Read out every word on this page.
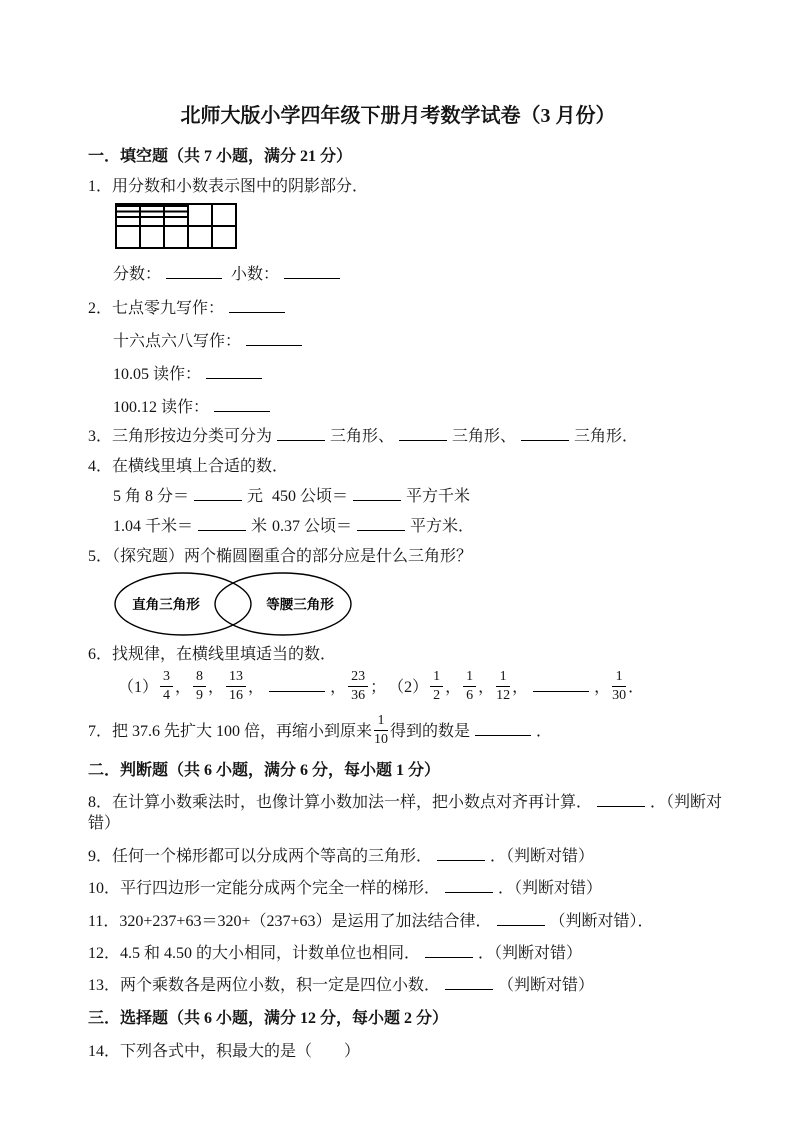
北师大版小学四年级下册月考数学试卷（3 月份）
一．填空题（共 7 小题，满分 21 分）
1．用分数和小数表示图中的阴影部分．

分数：	小数：
2．七点零九写作：
十六点六八写作：
10.05 读作：
100.12 读作：
3．三角形按边分类可分为	三角形、	三角形、	三角形．
4．在横线里填上合适的数．
5 角 8 分＝	元 450 公顷＝	平方千米
1.04 千米＝	米 0.37 公顷＝	平方米．
5．（探究题）两个椭圆圈重合的部分应是什么三角形？
直角三角形	等腰三角形
6．找规律，在横线里填适当的数．
$(1) \frac{3}{4}$ ， $\frac{8}{9}$ ， $\frac{13}{16}$ ，	， $\frac{23}{36}$ ； $(2) \frac{1}{2}$ ， $\frac{1}{6}$ ， $\frac{1}{12}$ ，	， $\frac{1}{30}$ ．
7．把 37.6 先扩大 100 倍，再缩小到原来 $\frac{1}{10}$ 得到的数是	．
二．判断题（共 6 小题，满分 6 分，每小题 1 分）
8．在计算小数乘法时，也像计算小数加法一样，把小数点对齐再计算．	．（判断对错）
9．任何一个梯形都可以分成两个等高的三角形．	．（判断对错）
10．平行四边形一定能分成两个完全一样的梯形．	．（判断对错）
11．320+237+63＝320+（237+63）是运用了加法结合律．	（判断对错）．
12．4.5 和 4.50 的大小相同，计数单位也相同．	．（判断对错）
13．两个乘数各是两位小数，积一定是四位小数．	（判断对错）
三．选择题（共 6 小题，满分 12 分，每小题 2 分）
14．下列各式中，积最大的是（　　）
